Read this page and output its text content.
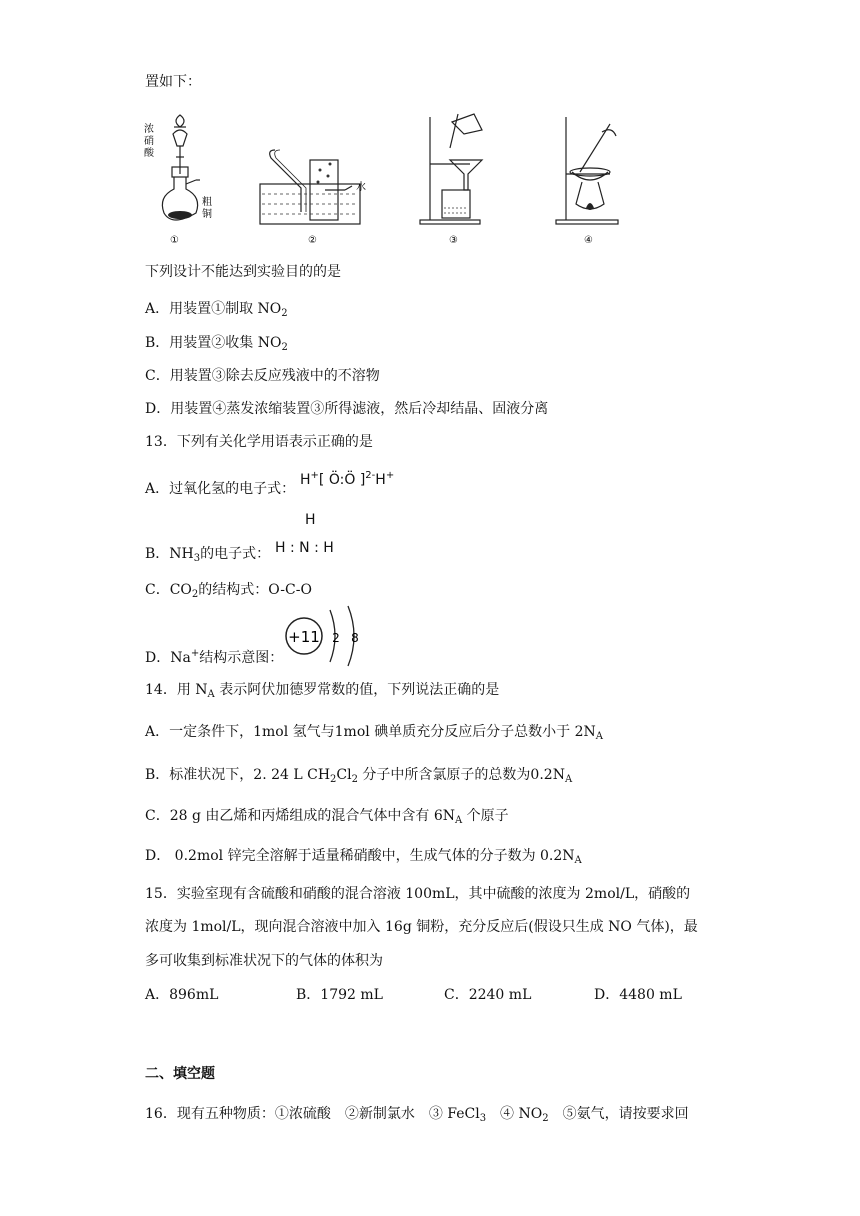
置如下：
浓
硝
酸
粗
铜
①
水
②	③	④
下列设计不能达到实验目的的是
A．用装置①制取 $NO_2$
B．用装置②收集 $NO_2$
C．用装置③除去反应残液中的不溶物
D．用装置④蒸发浓缩装置③所得滤液，然后冷却结晶、固液分离
13．下列有关化学用语表示正确的是
A．过氧化氢的电子式：
H+[ Ö:Ö ]$^{2-}$H+
H
B．$NH_3$的电子式： H : N : H
C．$CO_2$的结构式：O-C-O
+11 2 8
D．Na+结构示意图：
14．用 $N_A$ 表示阿伏加德罗常数的值，下列说法正确的是
A．一定条件下，1mol 氢气与1mol 碘单质充分反应后分子总数小于 $2N_A$
B．标准状况下，2. 24 L $CH_2Cl_2$ 分子中所含氯原子的总数为$0.2N_A$
C．28 g 由乙烯和丙烯组成的混合气体中含有 $6N_A$ 个原子
D． 0.2mol 锌完全溶解于适量稀硝酸中，生成气体的分子数为 $0.2N_A$
15．实验室现有含硫酸和硝酸的混合溶液 100mL，其中硫酸的浓度为 2mol/L，硝酸的
浓度为 1mol/L，现向混合溶液中加入 16g 铜粉，充分反应后(假设只生成 NO 气体)，最
多可收集到标准状况下的气体的体积为
A．896mL	B．1792 mL	C．2240 mL	D．4480 mL
二、填空题
16．现有五种物质：①浓硫酸　②新制氯水　③ FeCl$_3$　④ $NO_2$　⑤氨气，请按要求回
